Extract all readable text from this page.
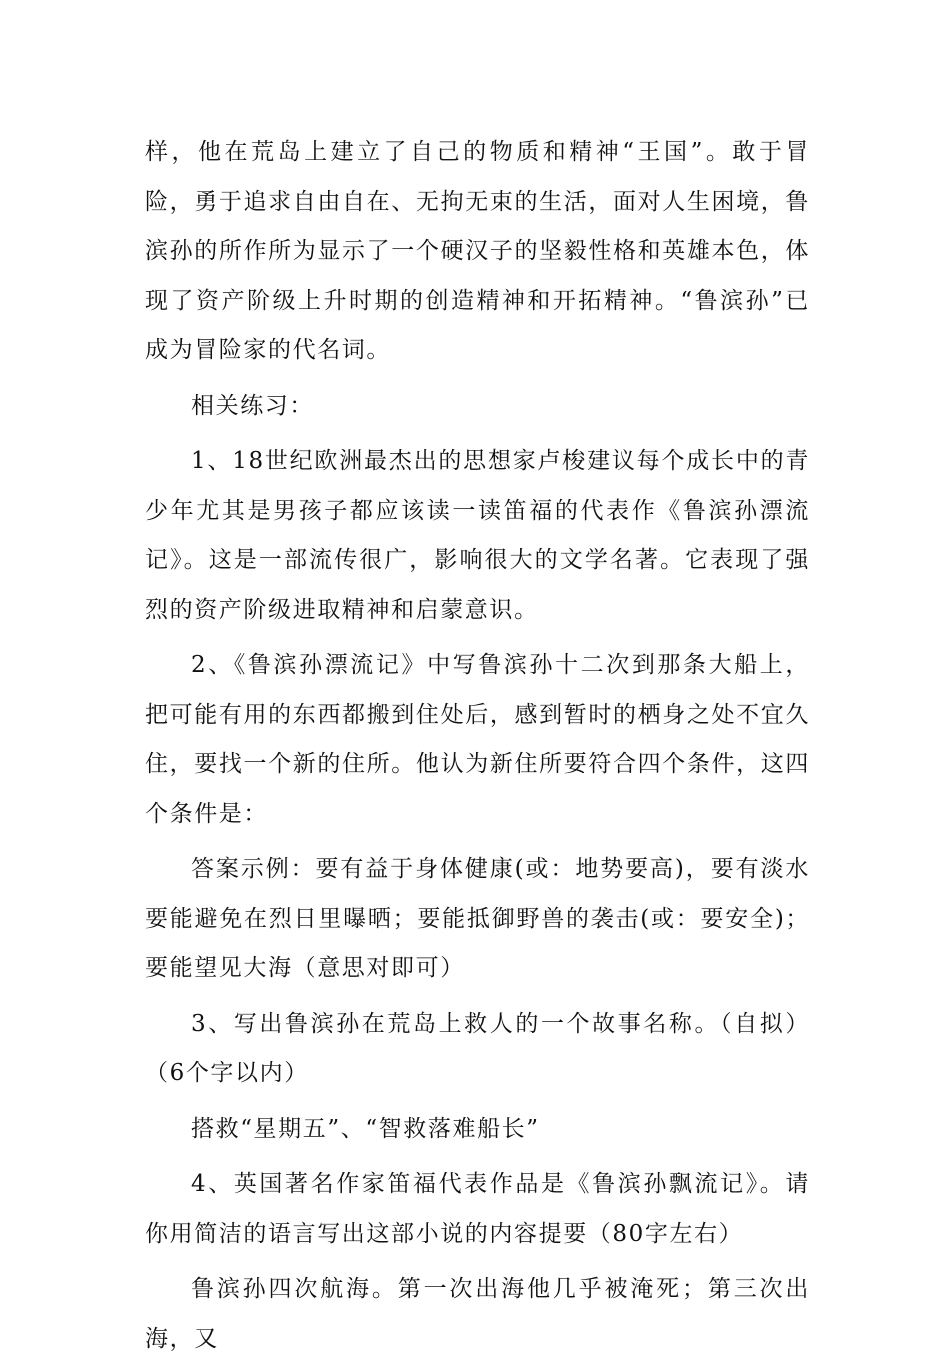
样，他在荒岛上建立了自己的物质和精神“王国”。敢于冒险，勇于追求自由自在、无拘无束的生活，面对人生困境，鲁滨孙的所作所为显示了一个硬汉子的坚毅性格和英雄本色，体现了资产阶级上升时期的创造精神和开拓精神。“鲁滨孙”已成为冒险家的代名词。

相关练习：

1、18世纪欧洲最杰出的思想家卢梭建议每个成长中的青少年尤其是男孩子都应该读一读笛福的代表作《鲁滨孙漂流记》。这是一部流传很广，影响很大的文学名著。它表现了强烈的资产阶级进取精神和启蒙意识。

2、《鲁滨孙漂流记》中写鲁滨孙十二次到那条大船上，把可能有用的东西都搬到住处后，感到暂时的栖身之处不宜久住，要找一个新的住所。他认为新住所要符合四个条件，这四个条件是：

答案示例：要有益于身体健康(或：地势要高)，要有淡水要能避免在烈日里曝晒；要能抵御野兽的袭击(或：要安全)；要能望见大海（意思对即可）

3、写出鲁滨孙在荒岛上救人的一个故事名称。（自拟）（6个字以内）

搭救“星期五”、“智救落难船长”

4、英国著名作家笛福代表作品是《鲁滨孙飘流记》。请你用简洁的语言写出这部小说的内容提要（80字左右）

鲁滨孙四次航海。第一次出海他几乎被淹死；第三次出海，又
